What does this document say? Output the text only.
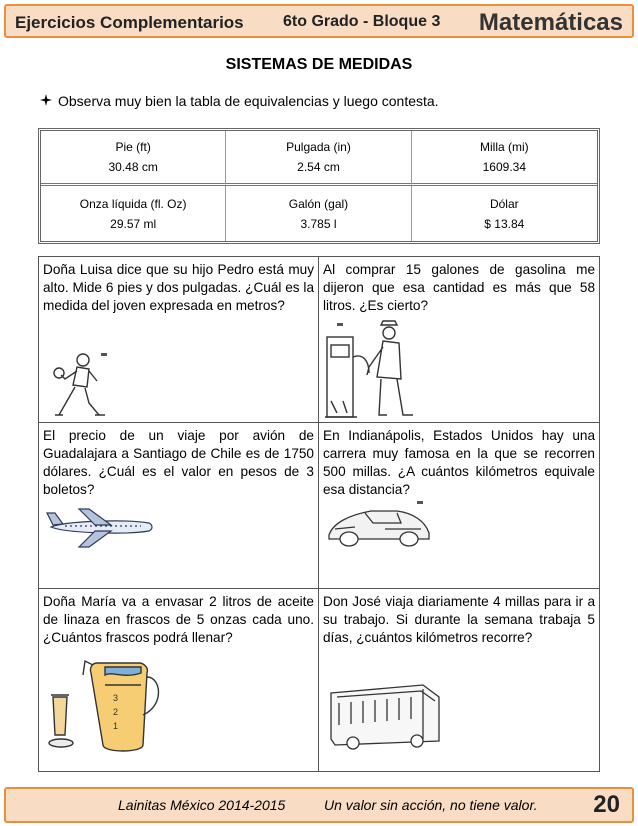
Ejercicios Complementarios 6to Grado - Bloque 3 Matemáticas
SISTEMAS DE MEDIDAS
Observa muy bien la tabla de equivalencias y luego contesta.
Pie (ft)
30.48 cm
Pulgada (in)
2.54 cm
Milla (mi)
1609.34
Onza líquida (fl. Oz)
29.57 ml
Galón (gal)
3.785 l
Dólar
$ 13.84
Doña Luisa dice que su hijo Pedro está muy alto. Mide 6 pies y dos pulgadas. ¿Cuál es la medida del joven expresada en metros?
Al comprar 15 galones de gasolina me dijeron que esa cantidad es más que 58 litros. ¿Es cierto?
El precio de un viaje por avión de Guadalajara a Santiago de Chile es de 1750 dólares. ¿Cuál es el valor en pesos de 3 boletos?
En Indianápolis, Estados Unidos hay una carrera muy famosa en la que se recorren 500 millas. ¿A cuántos kilómetros equivale esa distancia?
Doña María va a envasar 2 litros de aceite de linaza en frascos de 5 onzas cada uno. ¿Cuántos frascos podrá llenar?
3
2
1
Don José viaja diariamente 4 millas para ir a su trabajo. Si durante la semana trabaja 5 días, ¿cuántos kilómetros recorre?
Lainitas México 2014-2015	Un valor sin acción, no tiene valor. 20
